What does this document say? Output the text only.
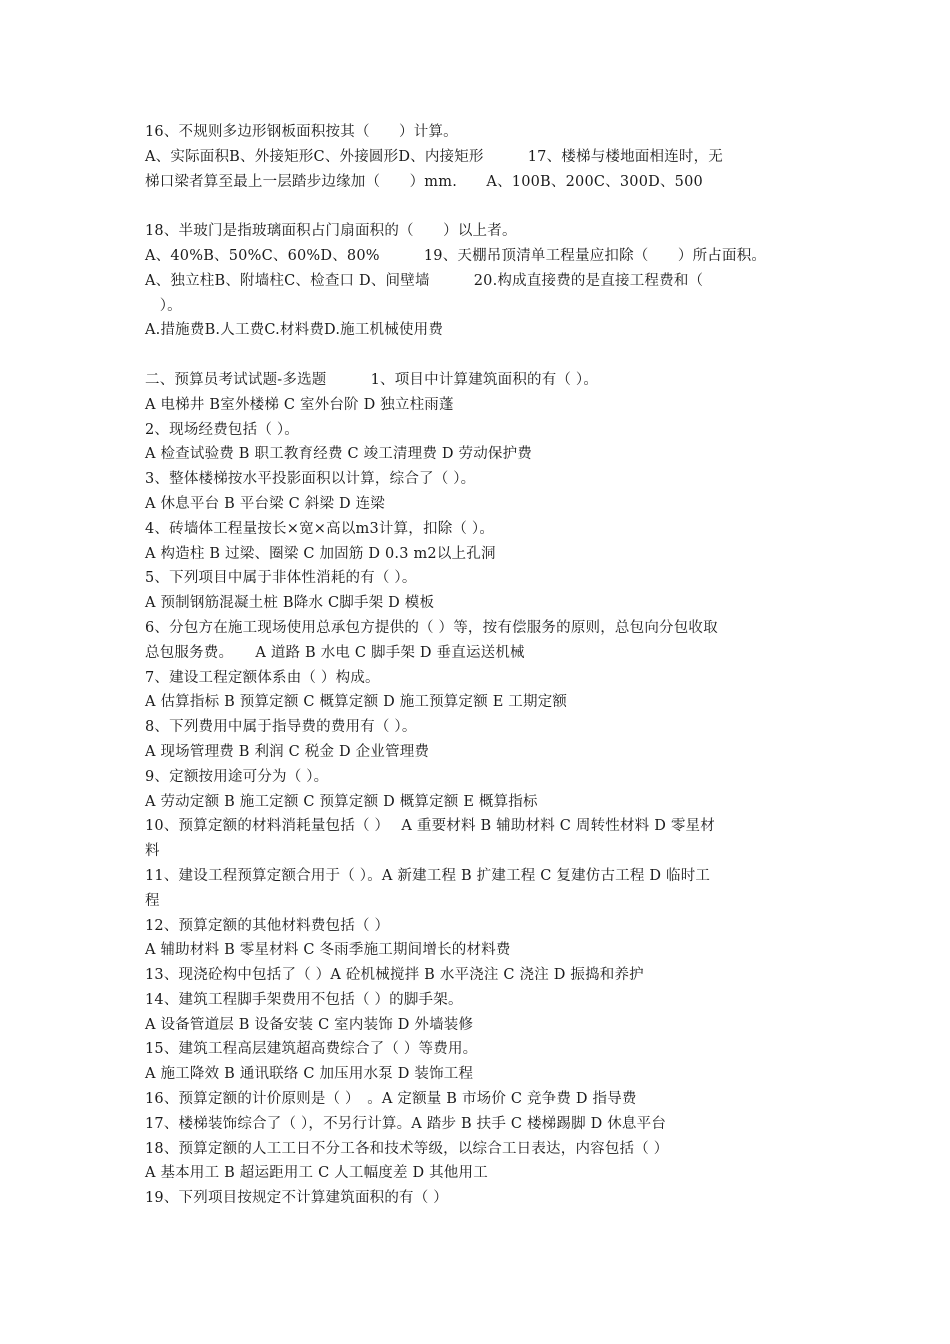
16、不规则多边形钢板面积按其（　　）计算。
A、实际面积B、外接矩形C、外接圆形D、内接矩形　　　17、楼梯与楼地面相连时，无
梯口梁者算至最上一层踏步边缘加（　　）mm.　　A、100B、200C、300D、500
18、半玻门是指玻璃面积占门扇面积的（　　）以上者。
A、40%B、50%C、60%D、80%　　　19、天棚吊顶清单工程量应扣除（　　）所占面积。
A、独立柱B、附墙柱C、检查口 D、间壁墙　　　20.构成直接费的是直接工程费和（
　）。
A.措施费B.人工费C.材料费D.施工机械使用费
二、预算员考试试题-多选题　　　1、项目中计算建筑面积的有（ ）。
A 电梯井 B室外楼梯 C 室外台阶 D 独立柱雨蓬
2、现场经费包括（ ）。
A 检查试验费 B 职工教育经费 C 竣工清理费 D 劳动保护费
3、整体楼梯按水平投影面积以计算，综合了（ ）。
A 休息平台 B 平台梁 C 斜梁 D 连梁
4、砖墙体工程量按长×宽×高以m3计算，扣除（ ）。
A 构造柱 B 过梁、圈梁 C 加固筋 D 0.3 m2以上孔洞
5、下列项目中属于非体性消耗的有（ ）。
A 预制钢筋混凝土桩 B降水 C脚手架 D 模板
6、分包方在施工现场使用总承包方提供的（ ）等，按有偿服务的原则，总包向分包收取
总包服务费。　　A 道路 B 水电 C 脚手架 D 垂直运送机械
7、建设工程定额体系由（ ）构成。
A 估算指标 B 预算定额 C 概算定额 D 施工预算定额 E 工期定额
8、下列费用中属于指导费的费用有（ ）。
A 现场管理费 B 利润 C 税金 D 企业管理费
9、定额按用途可分为（ ）。
A 劳动定额 B 施工定额 C 预算定额 D 概算定额 E 概算指标
10、预算定额的材料消耗量包括（ ）　 A 重要材料 B 辅助材料 C 周转性材料 D 零星材
料
11、建设工程预算定额合用于（ ）。A 新建工程 B 扩建工程 C 复建仿古工程 D 临时工
程
12、预算定额的其他材料费包括（ ）
A 辅助材料 B 零星材料 C 冬雨季施工期间增长的材料费
13、现浇砼构中包括了（ ）A 砼机械搅拌 B 水平浇注 C 浇注 D 振捣和养护
14、建筑工程脚手架费用不包括（ ）的脚手架。
A 设备管道层 B 设备安装 C 室内装饰 D 外墙装修
15、建筑工程高层建筑超高费综合了（ ）等费用。
A 施工降效 B 通讯联络 C 加压用水泵 D 装饰工程
16、预算定额的计价原则是（ ）　。A 定额量 B 市场价 C 竞争费 D 指导费
17、楼梯装饰综合了（ ），不另行计算。A 踏步 B 扶手 C 楼梯踢脚 D 休息平台
18、预算定额的人工工日不分工各和技术等级，以综合工日表达，内容包括（ ）
A 基本用工 B 超运距用工 C 人工幅度差 D 其他用工
19、下列项目按规定不计算建筑面积的有（ ）
